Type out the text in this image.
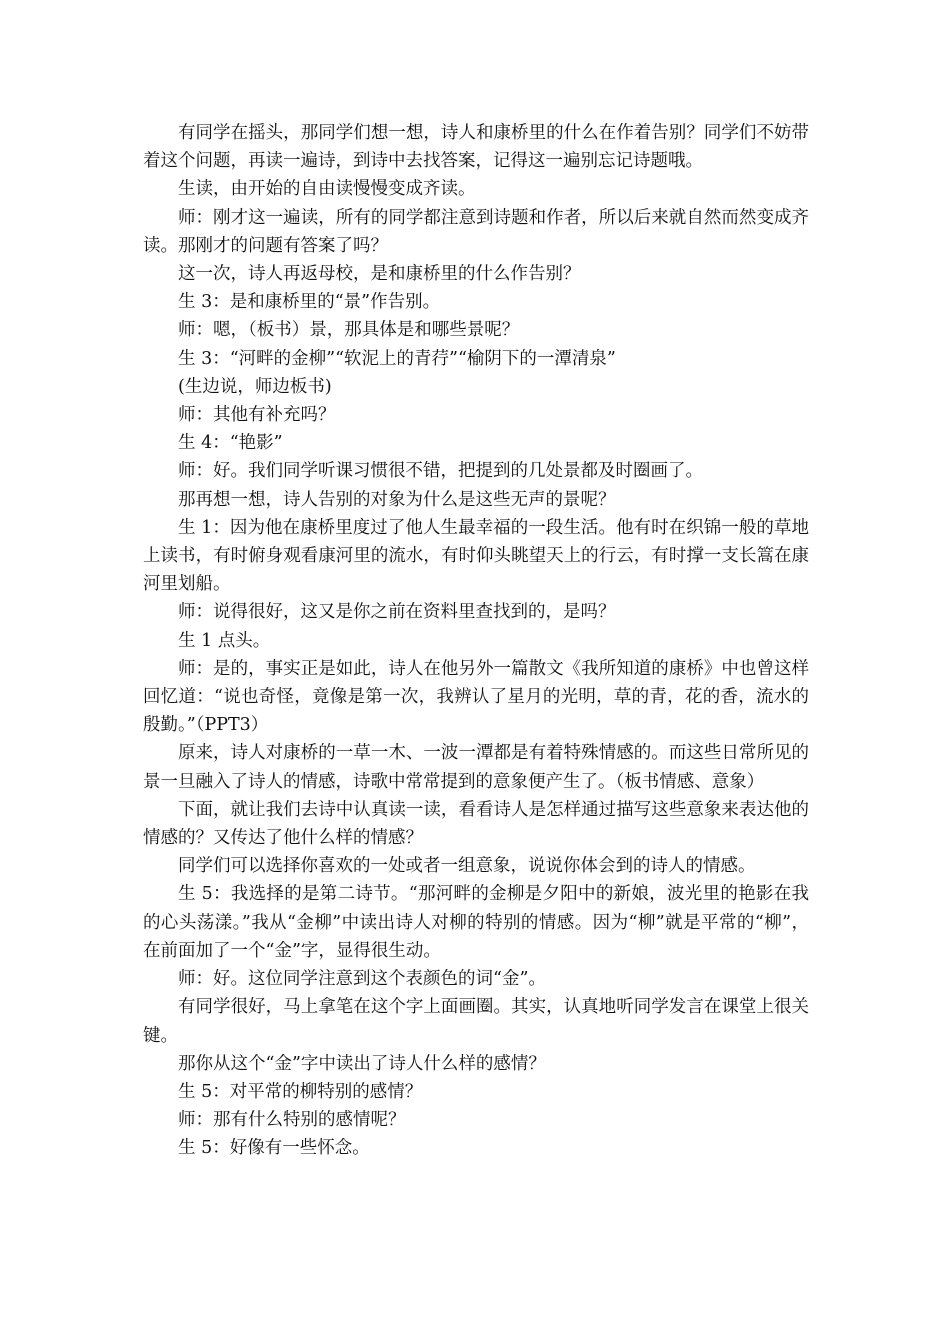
有同学在摇头，那同学们想一想，诗人和康桥里的什么在作着告别？同学们不妨带着这个问题，再读一遍诗，到诗中去找答案，记得这一遍别忘记诗题哦。

生读，由开始的自由读慢慢变成齐读。

师：刚才这一遍读，所有的同学都注意到诗题和作者，所以后来就自然而然变成齐读。那刚才的问题有答案了吗？

这一次，诗人再返母校，是和康桥里的什么作告别？

生 3：是和康桥里的“景”作告别。

师：嗯，（板书）景，那具体是和哪些景呢？

生 3：“河畔的金柳”“软泥上的青荇”“榆阴下的一潭清泉”

(生边说，师边板书)

师：其他有补充吗？

生 4：“艳影”

师：好。我们同学听课习惯很不错，把提到的几处景都及时圈画了。

那再想一想，诗人告别的对象为什么是这些无声的景呢？

生 1：因为他在康桥里度过了他人生最幸福的一段生活。他有时在织锦一般的草地上读书，有时俯身观看康河里的流水，有时仰头眺望天上的行云，有时撑一支长篙在康河里划船。

师：说得很好，这又是你之前在资料里查找到的，是吗？

生 1 点头。

师：是的，事实正是如此，诗人在他另外一篇散文《我所知道的康桥》中也曾这样回忆道：“说也奇怪，竟像是第一次，我辨认了星月的光明，草的青，花的香，流水的殷勤。”（PPT3）

原来，诗人对康桥的一草一木、一波一潭都是有着特殊情感的。而这些日常所见的景一旦融入了诗人的情感，诗歌中常常提到的意象便产生了。（板书情感、意象）

下面，就让我们去诗中认真读一读，看看诗人是怎样通过描写这些意象来表达他的情感的？又传达了他什么样的情感？

同学们可以选择你喜欢的一处或者一组意象，说说你体会到的诗人的情感。

生 5：我选择的是第二诗节。“那河畔的金柳是夕阳中的新娘，波光里的艳影在我的心头荡漾。”我从“金柳”中读出诗人对柳的特别的情感。因为“柳”就是平常的“柳”，在前面加了一个“金”字，显得很生动。

师：好。这位同学注意到这个表颜色的词“金”。

有同学很好，马上拿笔在这个字上面画圈。其实，认真地听同学发言在课堂上很关键。

那你从这个“金”字中读出了诗人什么样的感情？

生 5：对平常的柳特别的感情？

师：那有什么特别的感情呢？

生 5：好像有一些怀念。
